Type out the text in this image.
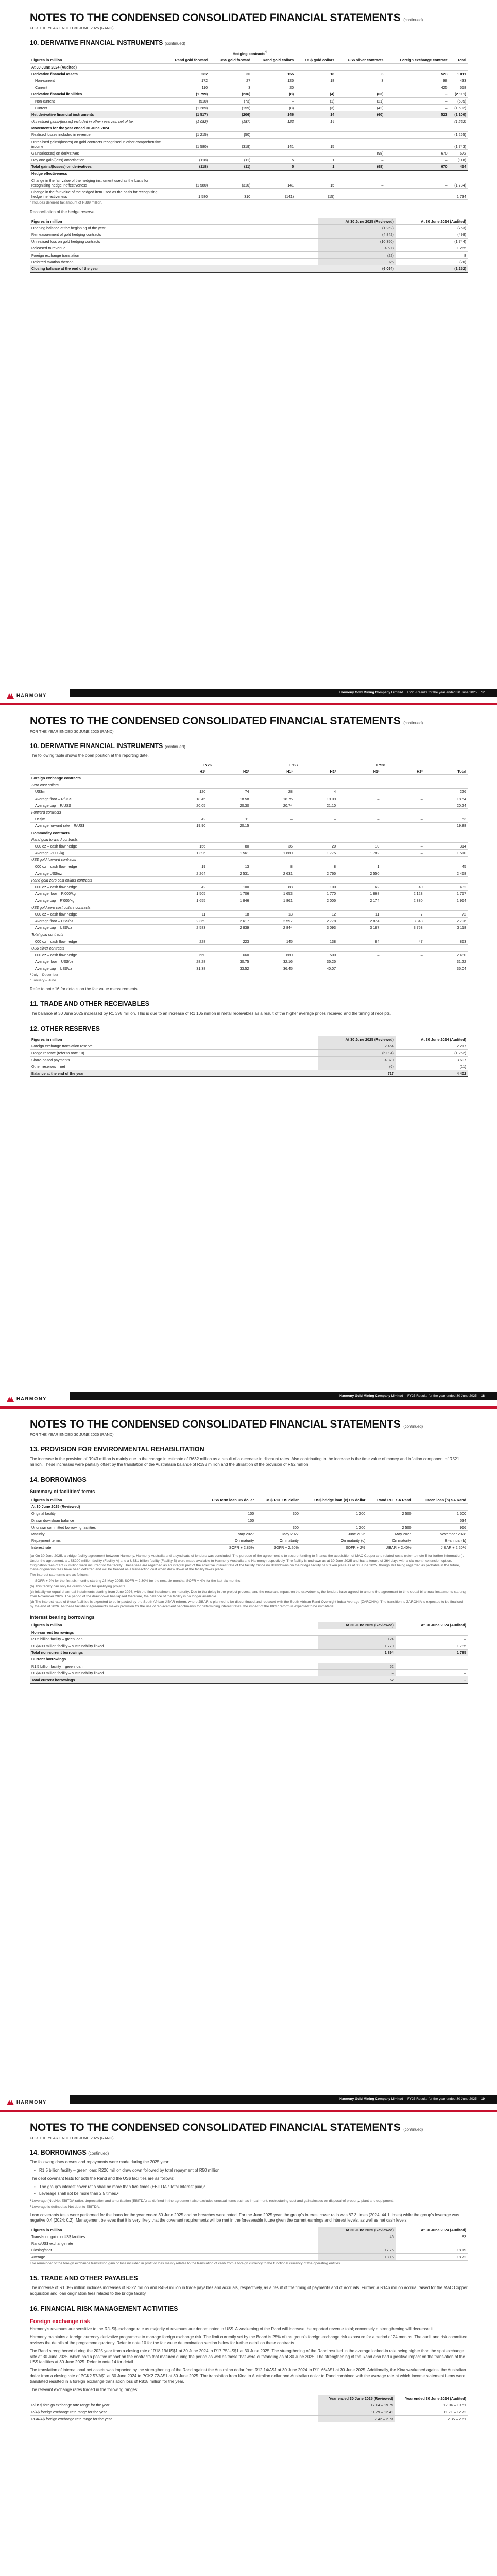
NOTES TO THE CONDENSED CONSOLIDATED FINANCIAL STATEMENTS (continued)
FOR THE YEAR ENDED 30 JUNE 2025 (RAND)
10. DERIVATIVE FINANCIAL INSTRUMENTS (continued)
	Hedging contracts$^1$	
Figures in million	Rand gold forward	US$ gold forward	Rand gold collars	US$ gold collars	US$ silver contracts	Foreign exchange contract	Total
At 30 June 2024 (Audited)							
Derivative financial assets	282	30	155	18	3	523	1 011
Non-current	172	27	125	18	3	98	433
Current	110	3	20	–	–	425	558
Derivative financial liabilities	(1 799)	(236)	(8)	(4)	(63)	–	(2 111)
Non-current	(510)	(73)	–	(1)	(21)	–	(605)
Current	(1 289)	(159)	(8)	(3)	(42)	–	(1 502)
Net derivative financial instruments	(1 517)	(206)	146	14	(60)	523	(1 100)
Unrealised gains/(losses) included in other reserves, net of tax	(1 082)	(187)	123	14	–	–	(1 252)
Movements for the year ended 30 June 2024							
Realised losses included in revenue	(1 215)	(50)	–	–	–	–	(1 265)
Unrealised gains/(losses) on gold contracts recognised in other comprehensive income	(1 580)	(319)	141	15	–	–	(1 743)
Gains/(losses) on derivatives	–	–	–	–	(98)	670	572
Day one gain/(loss) amortisation	(118)	(11)	5	1	–	–	(118)
Total gains/(losses) on derivatives	(118)	(11)	5	1	(98)	670	454
Hedge effectiveness							
Change in the fair value of the hedging instrument used as the basis for recognising hedge ineffectiveness	(1 580)	(310)	141	15	–	–	(1 734)
Change in the fair value of the hedged item used as the basis for recognising hedge ineffectiveness	1 580	310	(141)	(15)	–	–	1 734

¹ Includes deferred tax amount of R389 million.

Reconciliation of the hedge reserve

Figures in million	At 30 June 2025 (Reviewed)	At 30 June 2024 (Audited)
Opening balance at the beginning of the year	(1 252)	(753)
Remeasurement of gold hedging contracts	(4 842)	(498)
Unrealised loss on gold hedging contracts	(10 350)	(1 744)
Released to revenue	4 508	1 265
Foreign exchange translation	(22)	8
Deferred taxation thereon	926	(20)
Closing balance at the end of the year	(6 094)	(1 252)
HARMONY
Harmony Gold Mining Company Limited FY25 Results for the year ended 30 June 2025 17
NOTES TO THE CONDENSED CONSOLIDATED FINANCIAL STATEMENTS (continued)
FOR THE YEAR ENDED 30 JUNE 2025 (RAND)
10. DERIVATIVE FINANCIAL INSTRUMENTS (continued)

The following table shows the open position at the reporting date.

	FY26		FY27		FY28		
	H1¹	H2²	H1¹	H2²	H1¹	H2²	Total
Foreign exchange contracts							
Zero cost collars							
US$m	120	74	28	4	–	–	226
Average floor – R/US$	18.45	18.58	18.75	19.09	–	–	18.54
Average cap – R/US$	20.05	20.30	20.74	21.10	–	–	20.24
Forward contracts							
US$m	42	11	–	–	–	–	53
Average forward rate – R/US$	19.90	20.15	–	–	–	–	19.88
Commodity contracts							
Rand gold forward contracts							
000 oz – cash flow hedge	156	80	36	20	10	–	314
Average R'000/kg	1 396	1 561	1 660	1 775	1 782	–	1 510
US$ gold forward contracts							
000 oz – cash flow hedge	19	13	8	8	1	–	45
Average US$/oz	2 264	2 531	2 631	2 765	2 550	–	2 468
Rand gold zero cost collars contracts							
000 oz – cash flow hedge	42	100	88	100	62	40	432
Average floor – R'000/kg	1 505	1 706	1 653	1 770	1 868	2 123	1 757
Average cap – R'000/kg	1 655	1 846	1 861	2 005	2 174	2 380	1 964
US$ gold zero cost collars contracts							
000 oz – cash flow hedge	11	18	13	12	11	7	72
Average floor – US$/oz	2 369	2 617	2 597	2 778	2 874	3 348	2 796
Average cap – US$/oz	2 583	2 839	2 844	3 093	3 187	3 753	3 118
Total gold contracts							
000 oz – cash flow hedge	228	223	145	138	84	47	863
US$ silver contracts							
000 oz – cash flow hedge	660	660	660	500	–	–	2 480
Average floor – US$/oz	28.28	30.75	32.16	35.25	–	–	31.22
Average cap – US$/oz	31.38	33.52	36.45	40.07	–	–	35.04

¹ July – December

² January – June

Refer to note 16 for details on the fair value measurements.

11. TRADE AND OTHER RECEIVABLES

The balance at 30 June 2025 increased by R1 398 million. This is due to an increase of R1 105 million in metal receivables as a result of the higher average prices received and the timing of receipts.

12. OTHER RESERVES
Figures in million	At 30 June 2025 (Reviewed)	At 30 June 2024 (Audited)
Foreign exchange translation reserve	2 454	2 217
Hedge reserve (refer to note 10)	(6 094)	(1 252)
Share-based payments	4 370	3 607
Other reserves – net	(6)	(11)
Balance at the end of the year	717	4 402
HARMONY
Harmony Gold Mining Company Limited FY25 Results for the year ended 30 June 2025 18
NOTES TO THE CONDENSED CONSOLIDATED FINANCIAL STATEMENTS (continued)
FOR THE YEAR ENDED 30 JUNE 2025 (RAND)
13. PROVISION FOR ENVIRONMENTAL REHABILITATION

The increase in the provision of R943 million is mainly due to the change in estimate of R632 million as a result of a decrease in discount rates. Also contributing to the increase is the time value of money and inflation component of R521 million. These increases were partially offset by the translation of the Australasia balance of R198 million and the utilisation of the provision of R92 million.

14. BORROWINGS
Summary of facilities' terms
Figures in million	US$ term loan US dollar	US$ RCF US dollar	US$ bridge loan (c) US dollar	Rand RCF SA Rand	Green loan (b) SA Rand
At 30 June 2025 (Reviewed)					
Original facility	100	300	1 200	2 500	1 500
Drawn down/loan balance	100	–	–	–	534
Undrawn committed borrowing facilities	–	300	1 200	2 500	966
Maturity	May 2027	May 2027	June 2026	May 2027	November 2028
Repayment terms	On maturity	On maturity	On maturity (c)	On maturity	Bi-annual (b)
Interest rate	SOFR + 2.85%	SOFR + 2.20%	SOFR + 2%	JIBAR + 2.40%	JIBAR + 2.20%

(a) On 30 June 2025, a bridge facility agreement between Harmony, Harmony Australia and a syndicate of lenders was concluded. The purpose of the agreement is to secure funding to finance the acquisition of MAC Copper and related costs (refer to note 5 for further information). Under the agreement, a US$200 million facility (Facility A) and a US$1 billion facility (Facility B) were made available to Harmony Australia and Harmony respectively. The facility is undrawn as at 30 June 2025 and has a tenure of 364 days with a six-month extension option. Origination fees of R197 million were incurred for the facility. These fees are regarded as an integral part of the effective interest rate of the facility. Since no drawdowns on the bridge facility has taken place as at 30 June 2025, though still being regarded as probable in the future, these origination fees have been deferred and will be treated as a transaction cost when draw down of the facility takes place.

The interest rate terms are as follows:

SOFR + 2% for the first six months starting 26 May 2025; SOFR + 2.30% for the next six months; SOFR + 4% for the last six months.

(b) This facility can only be drawn down for qualifying projects.

(c) Initially we equal bi-annual instalments starting from June 2026, with the final instalment on maturity. Due to the delay in the project process, and the resultant impact on the drawdowns, the lenders have agreed to amend the agreement to time equal bi-annual instalments starting from November 2026. The period of the draw down has lapsed therefore, the balance of the facility is no longer available.

(d) The interest rates of these facilities is expected to be impacted by the South African JIBAR reform, where JIBAR is planned to be discontinued and replaced with the South African Rand Overnight Index Average (ZARONIA). The transition to ZARONIA is expected to be finalised by the end of 2026. As these facilities' agreements makes provision for the use of replacement benchmarks for determining interest rates, the impact of the IBOR reform is expected to be immaterial.

Interest bearing borrowings
Figures in million	At 30 June 2025 (Reviewed)	At 30 June 2024 (Audited)
Non-current borrowings		
R1.5 billion facility – green loan	124	–
US$400 million facility – sustainability linked	1 770	1 785
Total non-current borrowings	1 894	1 785
Current borrowings		
R1.5 billion facility – green loan	52	–
US$400 million facility – sustainability linked	–	–
Total current borrowings	52	–
HARMONY
Harmony Gold Mining Company Limited FY25 Results for the year ended 30 June 2025 19
NOTES TO THE CONDENSED CONSOLIDATED FINANCIAL STATEMENTS (continued)
FOR THE YEAR ENDED 30 JUNE 2025 (RAND)
14. BORROWINGS (continued)

The following draw downs and repayments were made during the 2025 year:

• R1.5 billion facility – green loan: R226 million draw down followed by total repayment of R50 million.

The debt covenant tests for both the Rand and the US$ facilities are as follows:

• The group's interest cover ratio shall be more than five times (EBITDA / Total Interest paid)¹
• Leverage shall not be more than 2.5 times.²

¹ Leverage (Net/Net EBITDA ratio), depreciation and amortisation (EBITDA) as defined in the agreement also excludes unusual items such as impairment, restructuring cost and gains/losses on disposal of property, plant and equipment.

² Leverage is defined as Net debt to EBITDA.

Loan covenants tests were performed for the loans for the year ended 30 June 2025 and no breaches were noted. For the June 2025 year, the group's interest cover ratio was 87.3 times (2024: 44.1 times) while the group's leverage was negative 0.4 (2024: 0.2). Management believes that it is very likely that the covenant requirements will be met in the foreseeable future given the current earnings and interest levels, as well as net cash levels.

Figures in million	At 30 June 2025 (Reviewed)	At 30 June 2024 (Audited)
Translation gain on US$ facilities	46	83
Rand/US$ exchange rate		
Closing/spot	17.75	18.19
Average	18.16	18.72

The remainder of the foreign exchange translation gain or loss included in profit or loss mainly relates to the translation of cash from a foreign currency to the functional currency of the operating entities.

15. TRADE AND OTHER PAYABLES

The increase of R1 095 million includes increases of R322 million and R459 million in trade payables and accruals, respectively, as a result of the timing of payments and of accruals. Further, a R146 million accrual raised for the MAC Copper acquisition and loan origination fees related to the bridge facility.

16. FINANCIAL RISK MANAGEMENT ACTIVITIES
Foreign exchange risk

Harmony's revenues are sensitive to the R/US$ exchange rate as majority of revenues are denominated in US$. A weakening of the Rand will increase the reported revenue total; conversely a strengthening will decrease it.

Harmony maintains a foreign currency derivative programme to manage foreign exchange risk. The limit currently set by the Board is 25% of the group's foreign exchange risk exposure for a period of 24 months. The audit and risk committee reviews the details of the programme quarterly. Refer to note 10 for the fair value determination section below for further detail on these contracts.

The Rand strengthened during the 2025 year from a closing rate of R18.19/US$1 at 30 June 2024 to R17.75/US$1 at 30 June 2025. The strengthening of the Rand resulted in the average locked-in rate being higher than the spot exchange rate at 30 June 2025, which had a positive impact on the contracts that matured during the period as well as those that were outstanding as at 30 June 2025. The strengthening of the Rand also had a positive impact on the translation of the US$ facilities at 30 June 2025. Refer to note 14 for detail.

The translation of international net assets was impacted by the strengthening of the Rand against the Australian dollar from R12.14/A$1 at 30 June 2024 to R11.66/A$1 at 30 June 2025. Additionally, the Kina weakened against the Australian dollar from a closing rate of PGK2.57/A$1 at 30 June 2024 to PGK2.72/A$1 at 30 June 2025. The translation from Kina to Australian dollar and Australian dollar to Rand combined with the average rate at which income statement items were translated resulted in a foreign exchange translation loss of R818 million for the year.

The relevant exchange rates traded in the following ranges:

	Year ended 30 June 2025 (Reviewed)	Year ended 30 June 2024 (Audited)
R/US$ foreign exchange rate range for the year	17.14 – 19.75	17.04 – 19.51
R/A$ foreign exchange rate range for the year	11.29 – 12.41	11.71 – 12.72
PGK/A$ foreign exchange rate range for the year	2.42 – 2.73	2.35 – 2.61
